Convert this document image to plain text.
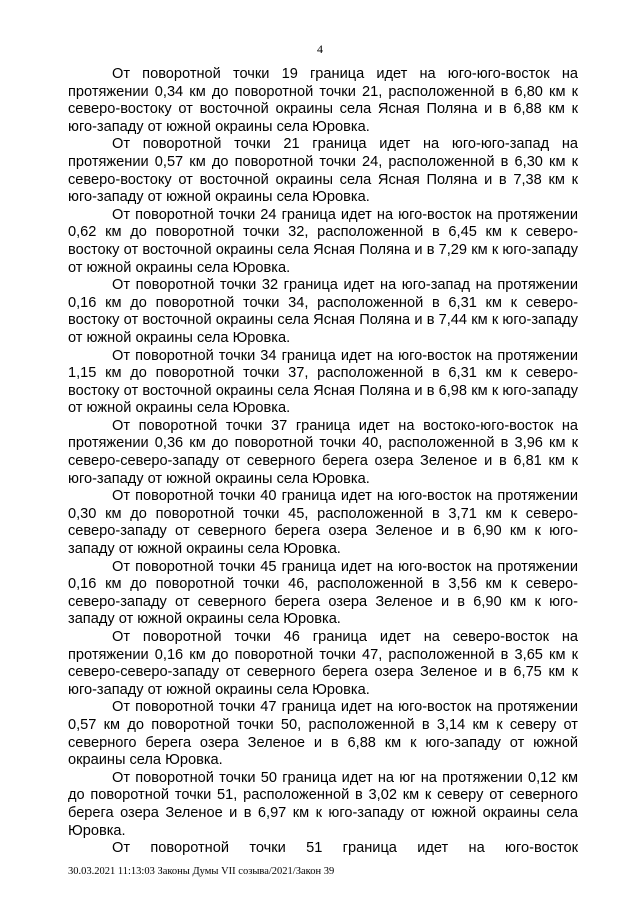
4

От поворотной точки 19 граница идет на юго-юго-восток на протяжении 0,34 км до поворотной точки 21, расположенной в 6,80 км к северо-востоку от восточной окраины села Ясная Поляна и в 6,88 км к юго-западу от южной окраины села Юровка.

От поворотной точки 21 граница идет на юго-юго-запад на протяжении 0,57 км до поворотной точки 24, расположенной в 6,30 км к северо-востоку от восточной окраины села Ясная Поляна и в 7,38 км к юго-западу от южной окраины села Юровка.

От поворотной точки 24 граница идет на юго-восток на протяжении 0,62 км до поворотной точки 32, расположенной в 6,45 км к северо-востоку от восточной окраины села Ясная Поляна и в 7,29 км к юго-западу от южной окраины села Юровка.

От поворотной точки 32 граница идет на юго-запад на протяжении 0,16 км до поворотной точки 34, расположенной в 6,31 км к северо-востоку от восточной окраины села Ясная Поляна и в 7,44 км к юго-западу от южной окраины села Юровка.

От поворотной точки 34 граница идет на юго-восток на протяжении 1,15 км до поворотной точки 37, расположенной в 6,31 км к северо-востоку от восточной окраины села Ясная Поляна и в 6,98 км к юго-западу от южной окраины села Юровка.

От поворотной точки 37 граница идет на востоко-юго-восток на протяжении 0,36 км до поворотной точки 40, расположенной в 3,96 км к северо-северо-западу от северного берега озера Зеленое и в 6,81 км к юго-западу от южной окраины села Юровка.

От поворотной точки 40 граница идет на юго-восток на протяжении 0,30 км до поворотной точки 45, расположенной в 3,71 км к северо-северо-западу от северного берега озера Зеленое и в 6,90 км к юго-западу от южной окраины села Юровка.

От поворотной точки 45 граница идет на юго-восток на протяжении 0,16 км до поворотной точки 46, расположенной в 3,56 км к северо-северо-западу от северного берега озера Зеленое и в 6,90 км к юго-западу от южной окраины села Юровка.

От поворотной точки 46 граница идет на северо-восток на протяжении 0,16 км до поворотной точки 47, расположенной в 3,65 км к северо-северо-западу от северного берега озера Зеленое и в 6,75 км к юго-западу от южной окраины села Юровка.

От поворотной точки 47 граница идет на юго-восток на протяжении 0,57 км до поворотной точки 50, расположенной в 3,14 км к северу от северного берега озера Зеленое и в 6,88 км к юго-западу от южной окраины села Юровка.

От поворотной точки 50 граница идет на юг на протяжении 0,12 км до поворотной точки 51, расположенной в 3,02 км к северу от северного берега озера Зеленое и в 6,97 км к юго-западу от южной окраины села Юровка.

От поворотной точки 51 граница идет на юго-восток

30.03.2021 11:13:03 Законы Думы VII созыва/2021/Закон 39
